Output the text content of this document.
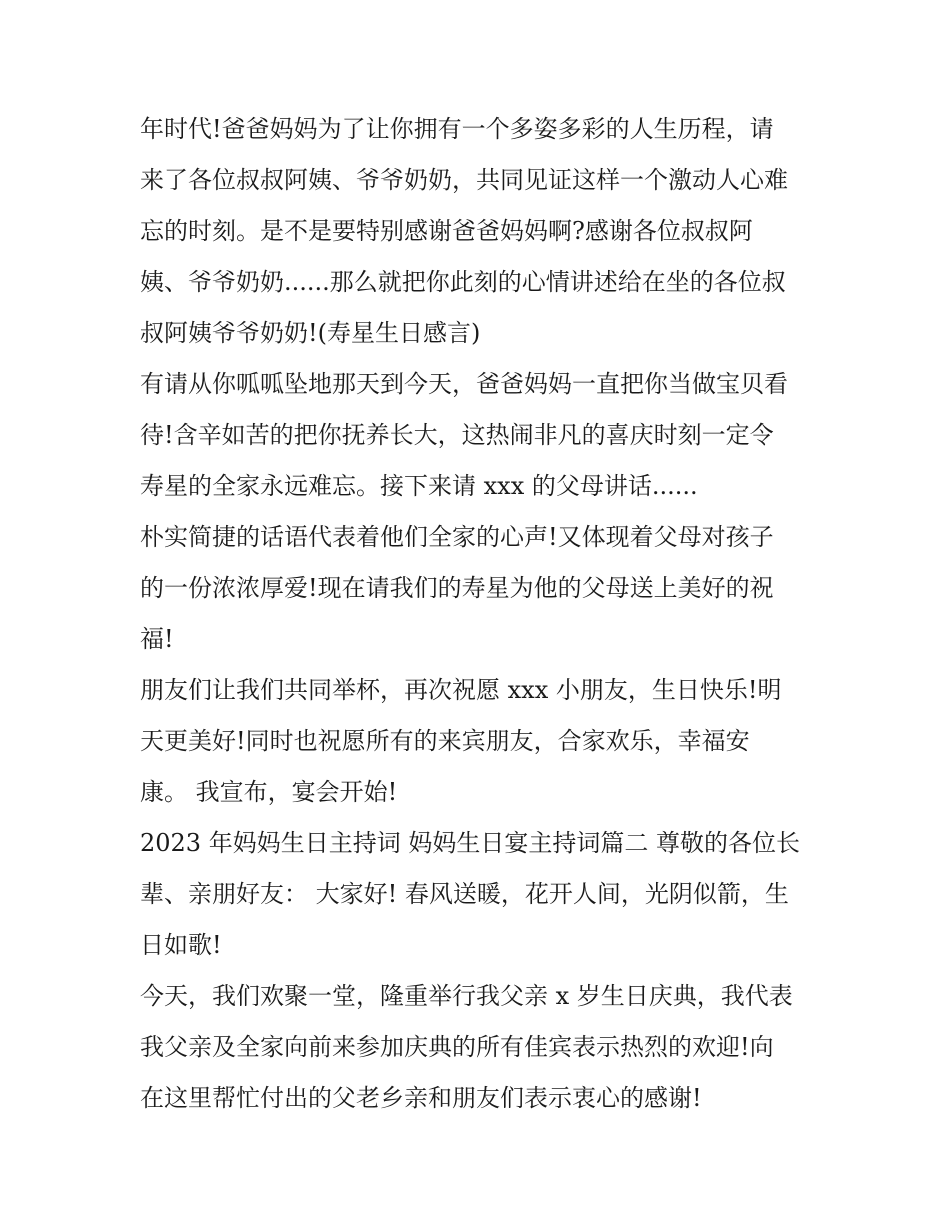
年时代!爸爸妈妈为了让你拥有一个多姿多彩的人生历程，请
来了各位叔叔阿姨、爷爷奶奶，共同见证这样一个激动人心难
忘的时刻。是不是要特别感谢爸爸妈妈啊?感谢各位叔叔阿
姨、爷爷奶奶......那么就把你此刻的心情讲述给在坐的各位叔
叔阿姨爷爷奶奶!(寿星生日感言)
有请从你呱呱坠地那天到今天，爸爸妈妈一直把你当做宝贝看
待!含辛如苦的把你抚养长大，这热闹非凡的喜庆时刻一定令
寿星的全家永远难忘。接下来请 xxx 的父母讲话......
朴实简捷的话语代表着他们全家的心声!又体现着父母对孩子
的一份浓浓厚爱!现在请我们的寿星为他的父母送上美好的祝
福!
朋友们让我们共同举杯，再次祝愿 xxx 小朋友，生日快乐!明
天更美好!同时也祝愿所有的来宾朋友，合家欢乐，幸福安
康。 我宣布，宴会开始!
2023 年妈妈生日主持词 妈妈生日宴主持词篇二 尊敬的各位长
辈、亲朋好友： 大家好! 春风送暖，花开人间，光阴似箭，生
日如歌!
今天，我们欢聚一堂，隆重举行我父亲 x 岁生日庆典，我代表
我父亲及全家向前来参加庆典的所有佳宾表示热烈的欢迎!向
在这里帮忙付出的父老乡亲和朋友们表示衷心的感谢!
